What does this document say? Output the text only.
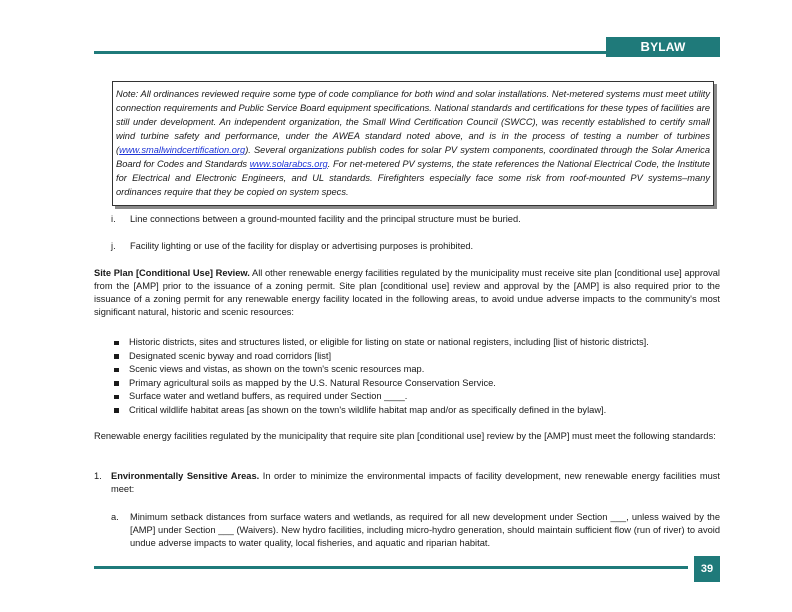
BYLAW STANDARDS
Note: All ordinances reviewed require some type of code compliance for both wind and solar installations. Net-metered systems must meet utility connection requirements and Public Service Board equipment specifications. National standards and certifications for these types of facilities are still under development. An independent organization, the Small Wind Certification Council (SWCC), was recently established to certify small wind turbine safety and performance, under the AWEA standard noted above, and is in the process of testing a number of turbines (www.smallwindcertification.org). Several organizations publish codes for solar PV system components, coordinated through the Solar America Board for Codes and Standards www.solarabcs.org. For net-metered PV systems, the state references the National Electrical Code, the Institute for Electrical and Electronic Engineers, and UL standards. Firefighters especially face some risk from roof-mounted PV systems–many ordinances require that they be copied on system specs.
i. Line connections between a ground-mounted facility and the principal structure must be buried.
j. Facility lighting or use of the facility for display or advertising purposes is prohibited.
Site Plan [Conditional Use] Review. All other renewable energy facilities regulated by the municipality must receive site plan [conditional use] approval from the [AMP] prior to the issuance of a zoning permit. Site plan [conditional use] review and approval by the [AMP] is also required prior to the issuance of a zoning permit for any renewable energy facility located in the following areas, to avoid undue adverse impacts to the community's most significant natural, historic and scenic resources:
Historic districts, sites and structures listed, or eligible for listing on state or national registers, including [list of historic districts].
Designated scenic byway and road corridors [list]
Scenic views and vistas, as shown on the town's scenic resources map.
Primary agricultural soils as mapped by the U.S. Natural Resource Conservation Service.
Surface water and wetland buffers, as required under Section ____.
Critical wildlife habitat areas [as shown on the town's wildlife habitat map and/or as specifically defined in the bylaw].
Renewable energy facilities regulated by the municipality that require site plan [conditional use] review by the [AMP] must meet the following standards:
1. Environmentally Sensitive Areas. In order to minimize the environmental impacts of facility development, new renewable energy facilities must meet:
a. Minimum setback distances from surface waters and wetlands, as required for all new development under Section ___, unless waived by the [AMP] under Section ___ (Waivers). New hydro facilities, including micro-hydro generation, should maintain sufficient flow (run of river) to avoid undue adverse impacts to water quality, local fisheries, and aquatic and riparian habitat.
39
